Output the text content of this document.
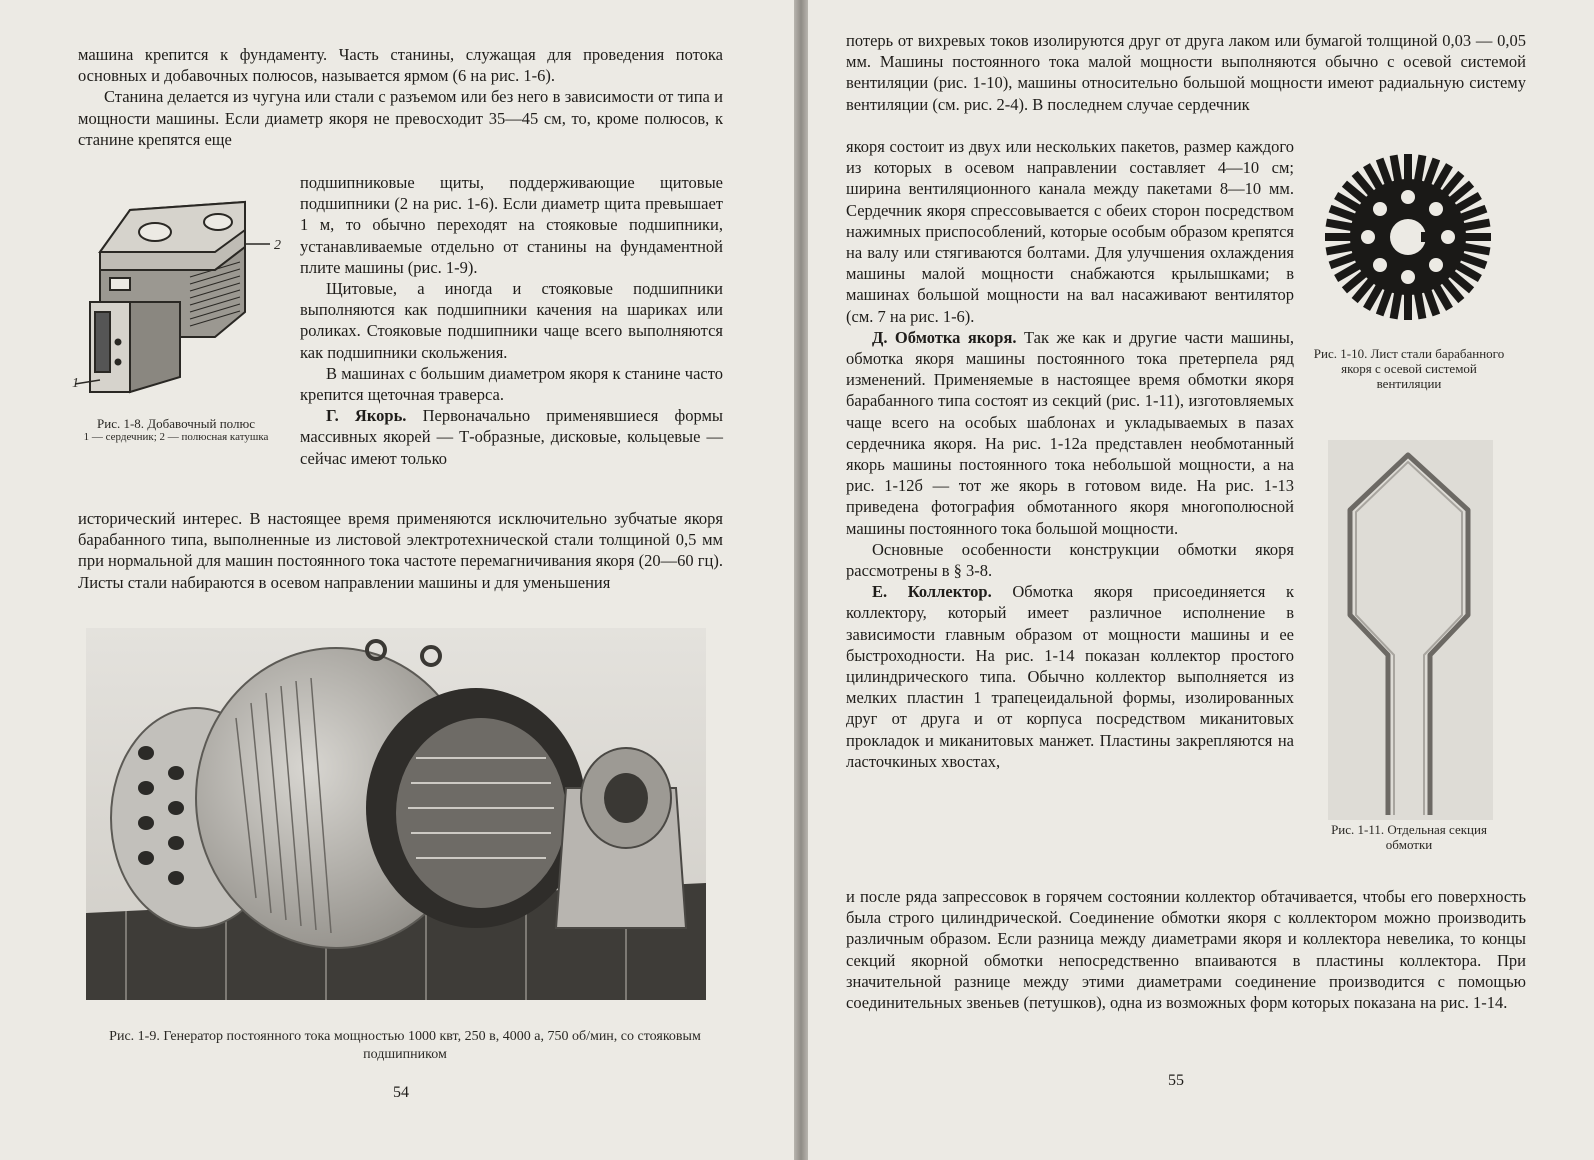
машина крепится к фундаменту. Часть станины, служащая для проведения потока основных и добавочных полюсов, называется ярмом (6 на рис. 1-6).

Станина делается из чугуна или стали с разъемом или без него в зависимости от типа и мощности машины. Если диаметр якоря не превосходит 35—45 см, то, кроме полюсов, к станине крепятся еще

2
1

подшипниковые щиты, поддерживающие щитовые подшипники (2 на рис. 1-6). Если диаметр щита превышает 1 м, то обычно переходят на стояковые подшипники, устанавливаемые отдельно от станины на фундаментной плите машины (рис. 1-9).

Щитовые, а иногда и стояковые подшипники выполняются как подшипники качения на шариках или роликах. Стояковые подшипники чаще всего выполняются как подшипники скольжения.

В машинах с большим диаметром якоря к станине часто крепится щеточная траверса.

Г. Якорь. Первоначально применявшиеся формы массивных якорей — Т-образные, дисковые, кольцевые — сейчас имеют только

Рис. 1-8. Добавочный полюс
1 — сердечник; 2 — полюсная катушка

исторический интерес. В настоящее время применяются исключительно зубчатые якоря барабанного типа, выполненные из листовой электротехнической стали толщиной 0,5 мм при нормальной для машин постоянного тока частоте перемагничивания якоря (20—60 гц). Листы стали набираются в осевом направлении машины и для уменьшения

Рис. 1-9. Генератор постоянного тока мощностью 1000 квт, 250 в, 4000 а, 750 об/мин, со стояковым подшипником
54

потерь от вихревых токов изолируются друг от друга лаком или бумагой толщиной 0,03 — 0,05 мм. Машины постоянного тока малой мощности выполняются обычно с осевой системой вентиляции (рис. 1-10), машины относительно большой мощности имеют радиальную систему вентиляции (см. рис. 2-4). В последнем случае сердечник

якоря состоит из двух или нескольких пакетов, размер каждого из которых в осевом направлении составляет 4—10 см; ширина вентиляционного канала между пакетами 8—10 мм. Сердечник якоря спрессовывается с обеих сторон посредством нажимных приспособлений, которые особым образом крепятся на валу или стягиваются болтами. Для улучшения охлаждения машины малой мощности снабжаются крылышками; в машинах большой мощности на вал насаживают вентилятор (см. 7 на рис. 1-6).

Д. Обмотка якоря. Так же как и другие части машины, обмотка якоря машины постоянного тока претерпела ряд изменений. Применяемые в настоящее время обмотки якоря барабанного типа состоят из секций (рис. 1-11), изготовляемых чаще всего на особых шаблонах и укладываемых в пазах сердечника якоря. На рис. 1-12а представлен необмотанный якорь машины постоянного тока небольшой мощности, а на рис. 1-12б — тот же якорь в готовом виде. На рис. 1-13 приведена фотография обмотанного якоря многополюсной машины постоянного тока большой мощности.

Основные особенности конструкции обмотки якоря рассмотрены в § 3-8.

Е. Коллектор. Обмотка якоря присоединяется к коллектору, который имеет различное исполнение в зависимости главным образом от мощности машины и ее быстроходности. На рис. 1-14 показан коллектор простого цилиндрического типа. Обычно коллектор выполняется из мелких пластин 1 трапецеидальной формы, изолированных друг от друга и от корпуса посредством миканитовых прокладок и миканитовых манжет. Пластины закрепляются на ласточкиных хвостах,

Рис. 1-10. Лист стали барабанного якоря с осевой системой вентиляции
Рис. 1-11. Отдельная секция обмотки

и после ряда запрессовок в горячем состоянии коллектор обтачивается, чтобы его поверхность была строго цилиндрической. Соединение обмотки якоря с коллектором можно производить различным образом. Если разница между диаметрами якоря и коллектора невелика, то концы секций якорной обмотки непосредственно впаиваются в пластины коллектора. При значительной разнице между этими диаметрами соединение производится с помощью соединительных звеньев (петушков), одна из возможных форм которых показана на рис. 1-14.

55
